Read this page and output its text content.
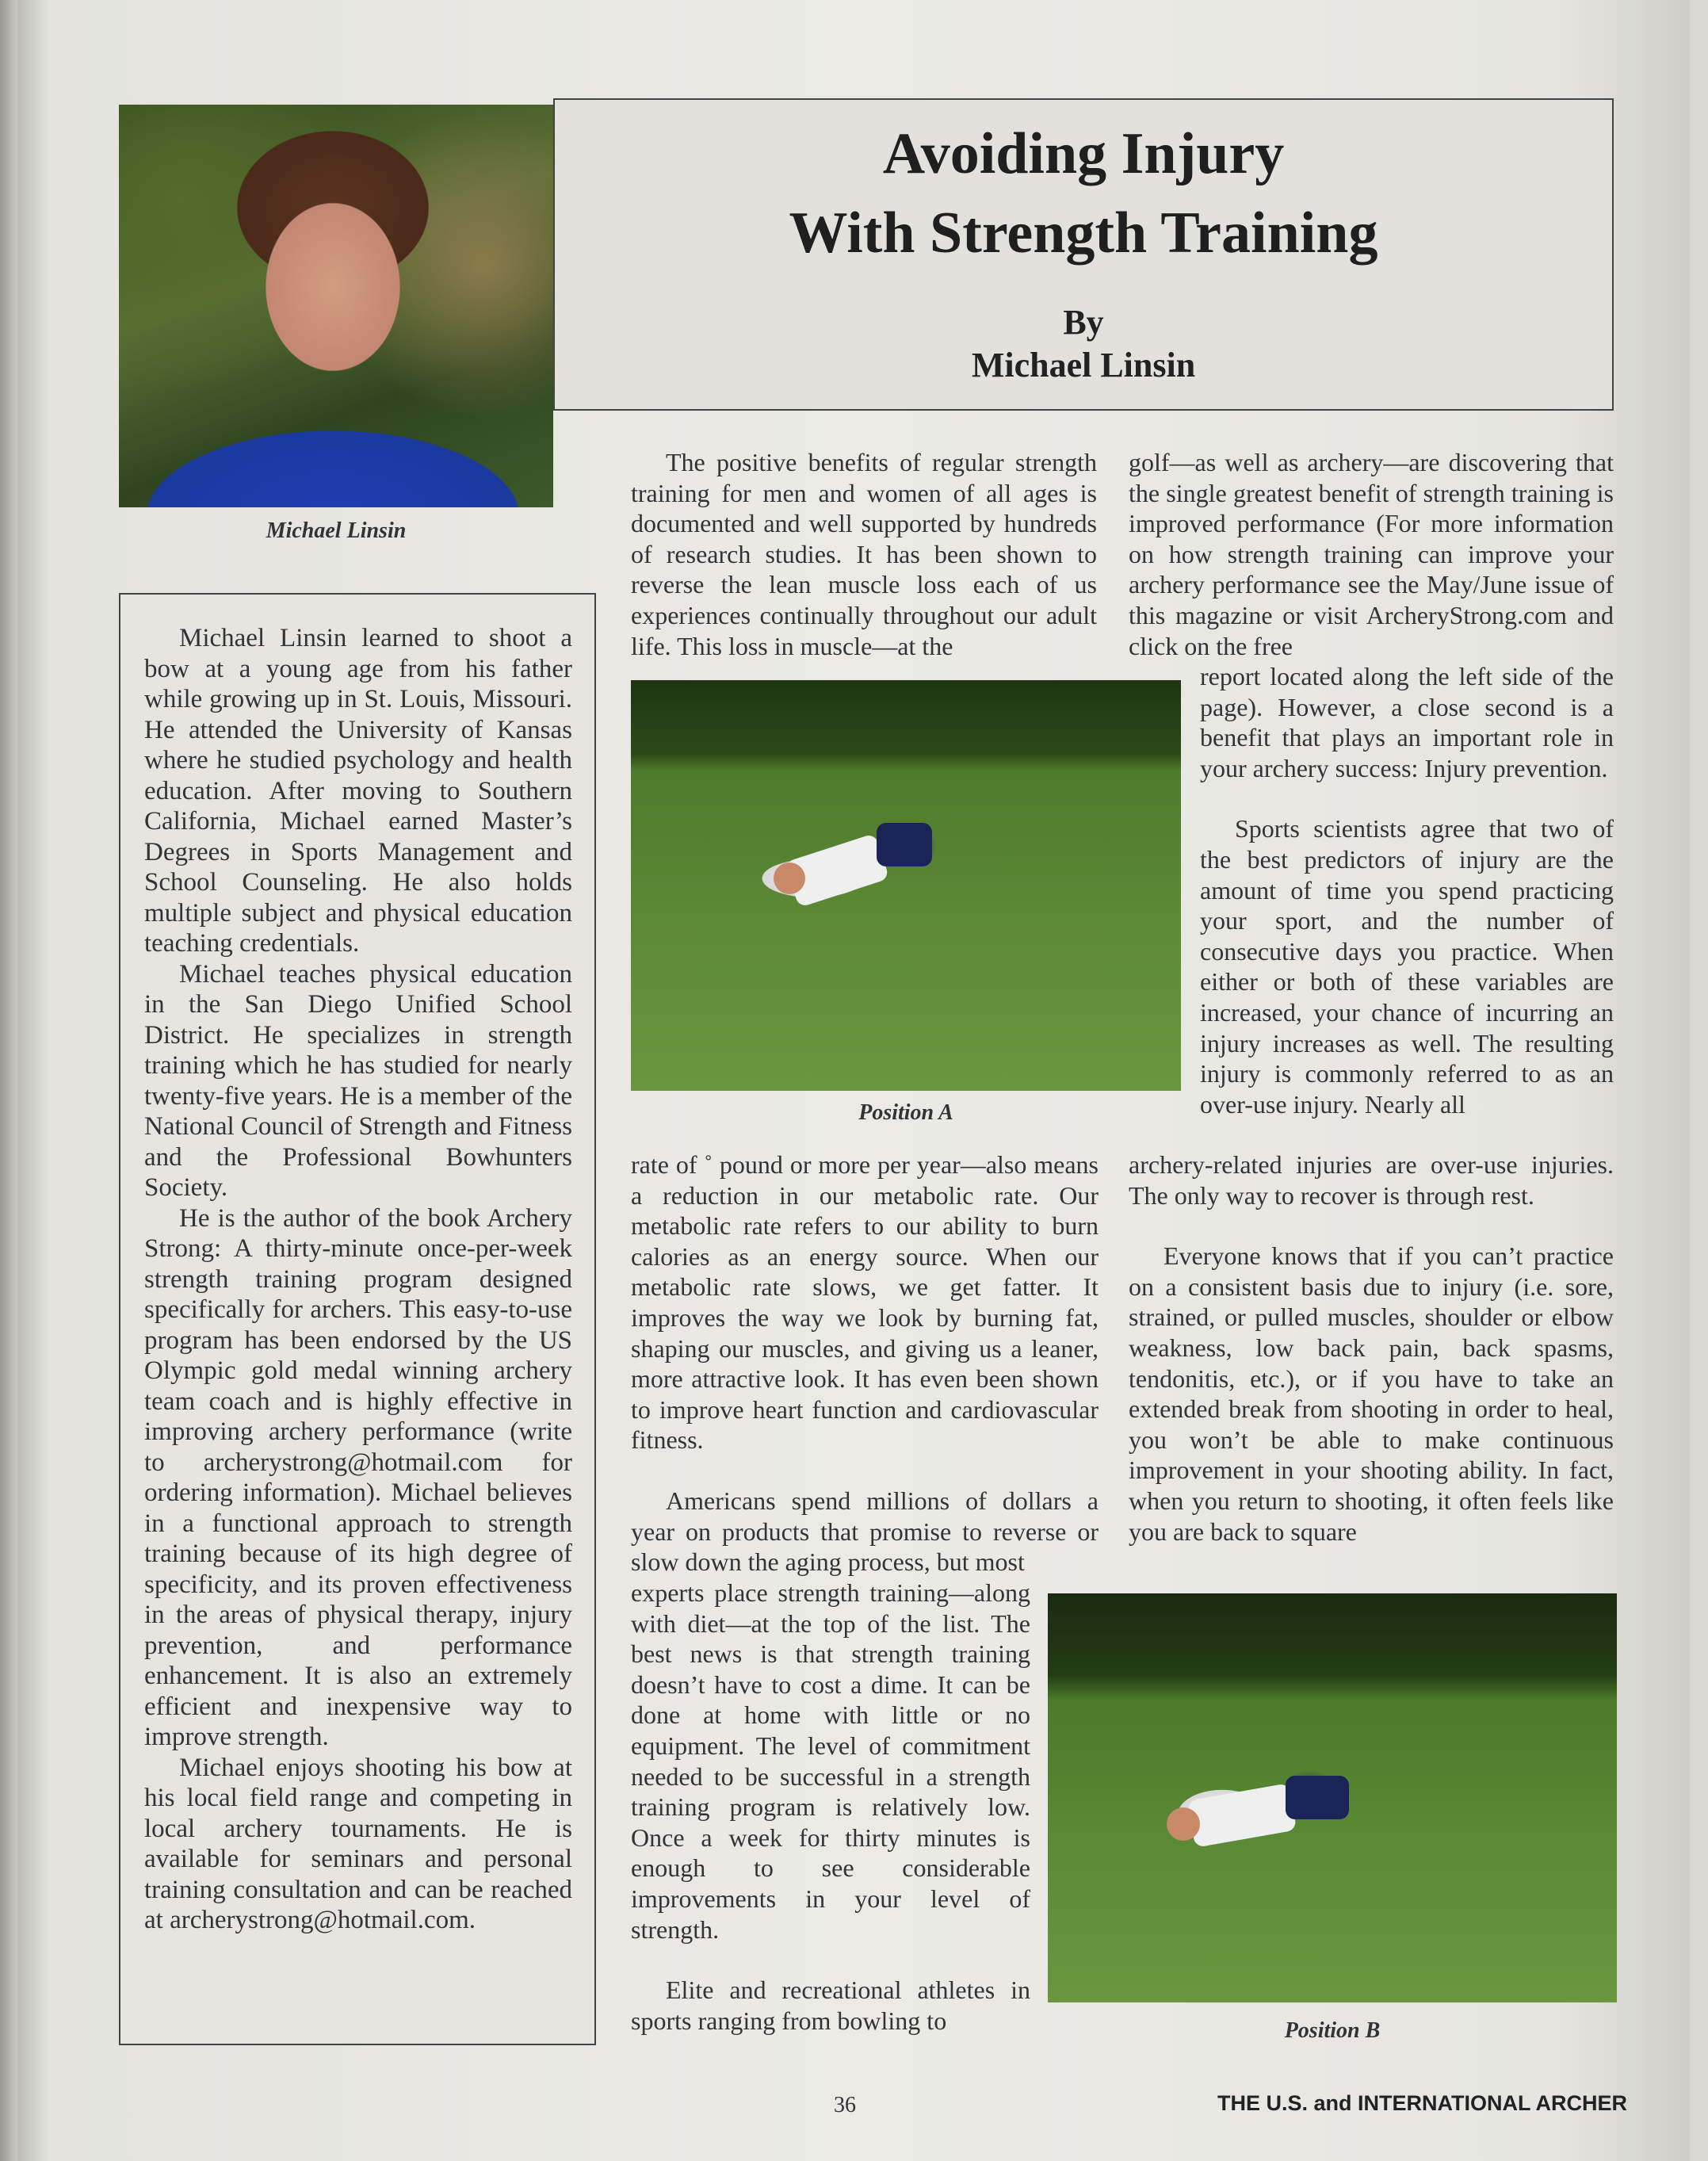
Michael Linsin
Avoiding Injury
With Strength Training
By
Michael Linsin

Michael Linsin learned to shoot a bow at a young age from his father while growing up in St. Louis, Missouri. He attended the University of Kansas where he studied psychology and health education. After moving to Southern California, Michael earned Master’s Degrees in Sports Management and School Counseling. He also holds multiple subject and physical education teaching credentials.

Michael teaches physical education in the San Diego Unified School District. He specializes in strength training which he has studied for nearly twenty-five years. He is a member of the National Council of Strength and Fitness and the Professional Bowhunters Society.

He is the author of the book Archery Strong: A thirty-minute once-per-week strength training program designed specifically for archers. This easy-to-use program has been endorsed by the US Olympic gold medal winning archery team coach and is highly effective in improving archery performance (write to archerystrong@hotmail.com for ordering information). Michael believes in a functional approach to strength training because of its high degree of specificity, and its proven effectiveness in the areas of physical therapy, injury prevention, and performance enhancement. It is also an extremely efficient and inexpensive way to improve strength.

Michael enjoys shooting his bow at his local field range and competing in local archery tournaments. He is available for seminars and personal training consultation and can be reached at archerystrong@hotmail.com.

The positive benefits of regular strength training for men and women of all ages is documented and well supported by hundreds of research studies. It has been shown to reverse the lean muscle loss each of us experiences continually throughout our adult life. This loss in muscle—at the

Position A

rate of ˚ pound or more per year—also means a reduction in our metabolic rate. Our metabolic rate refers to our ability to burn calories as an energy source. When our metabolic rate slows, we get fatter. It improves the way we look by burning fat, shaping our muscles, and giving us a leaner, more attractive look. It has even been shown to improve heart function and cardiovascular fitness.

Americans spend millions of dollars a year on products that promise to reverse or slow down the aging process, but most

experts place strength training—along with diet—at the top of the list. The best news is that strength training doesn’t have to cost a dime. It can be done at home with little or no equipment. The level of commitment needed to be successful in a strength training program is relatively low. Once a week for thirty minutes is enough to see considerable improvements in your level of strength.

Elite and recreational athletes in sports ranging from bowling to

golf—as well as archery—are discovering that the single greatest benefit of strength training is improved performance (For more information on how strength training can improve your archery performance see the May/June issue of this magazine or visit ArcheryStrong.com and click on the free

report located along the left side of the page). However, a close second is a benefit that plays an important role in your archery success: Injury prevention.

Sports scientists agree that two of the best predictors of injury are the amount of time you spend practicing your sport, and the number of consecutive days you practice. When either or both of these variables are increased, your chance of incurring an injury increases as well. The resulting injury is commonly referred to as an over-use injury. Nearly all

archery-related injuries are over-use injuries. The only way to recover is through rest.

Everyone knows that if you can’t practice on a consistent basis due to injury (i.e. sore, strained, or pulled muscles, shoulder or elbow weakness, low back pain, back spasms, tendonitis, etc.), or if you have to take an extended break from shooting in order to heal, you won’t be able to make continuous improvement in your shooting ability. In fact, when you return to shooting, it often feels like you are back to square

Position B
36	THE U.S. and INTERNATIONAL ARCHER
